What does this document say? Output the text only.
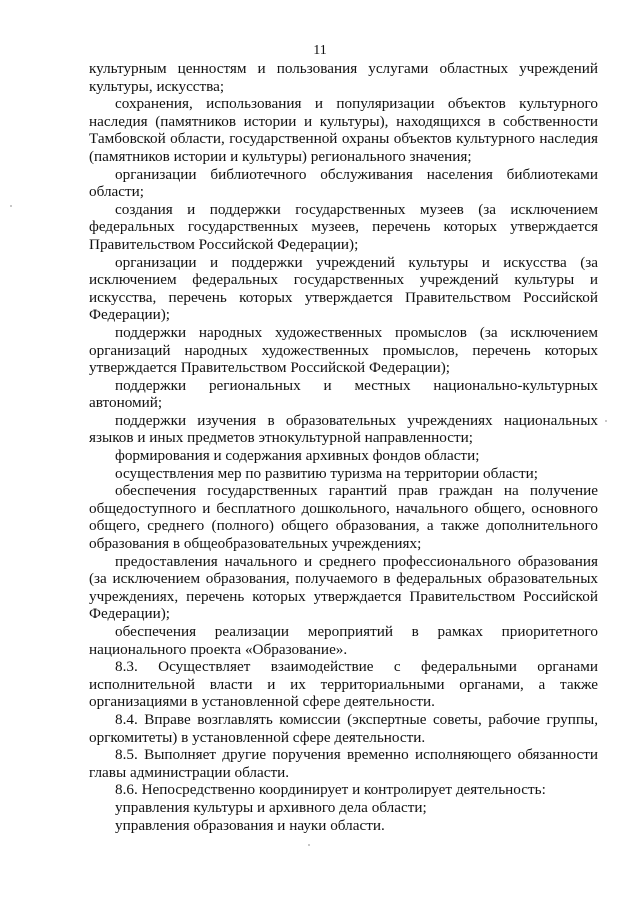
11

культурным ценностям и пользования услугами областных учреждений культуры, искусства;

сохранения, использования и популяризации объектов культурного наследия (памятников истории и культуры), находящихся в собственности Тамбовской области, государственной охраны объектов культурного наследия (памятников истории и культуры) регионального значения;

организации библиотечного обслуживания населения библиотеками области;

создания и поддержки государственных музеев (за исключением федеральных государственных музеев, перечень которых утверждается Правительством Российской Федерации);

организации и поддержки учреждений культуры и искусства (за исключением федеральных государственных учреждений культуры и искусства, перечень которых утверждается Правительством Российской Федерации);

поддержки народных художественных промыслов (за исключением организаций народных художественных промыслов, перечень которых утверждается Правительством Российской Федерации);

поддержки региональных и местных национально-культурных автономий;

поддержки изучения в образовательных учреждениях национальных языков и иных предметов этнокультурной направленности;

формирования и содержания архивных фондов области;

осуществления мер по развитию туризма на территории области;

обеспечения государственных гарантий прав граждан на получение общедоступного и бесплатного дошкольного, начального общего, основного общего, среднего (полного) общего образования, а также дополнительного образования в общеобразовательных учреждениях;

предоставления начального и среднего профессионального образования (за исключением образования, получаемого в федеральных образовательных учреждениях, перечень которых утверждается Правительством Российской Федерации);

обеспечения реализации мероприятий в рамках приоритетного национального проекта «Образование».

8.3. Осуществляет взаимодействие с федеральными органами исполнительной власти и их территориальными органами, а также организациями в установленной сфере деятельности.

8.4. Вправе возглавлять комиссии (экспертные советы, рабочие группы, оргкомитеты) в установленной сфере деятельности.

8.5. Выполняет другие поручения временно исполняющего обязанности главы администрации области.

8.6. Непосредственно координирует и контролирует деятельность:

управления культуры и архивного дела области;

управления образования и науки области.
